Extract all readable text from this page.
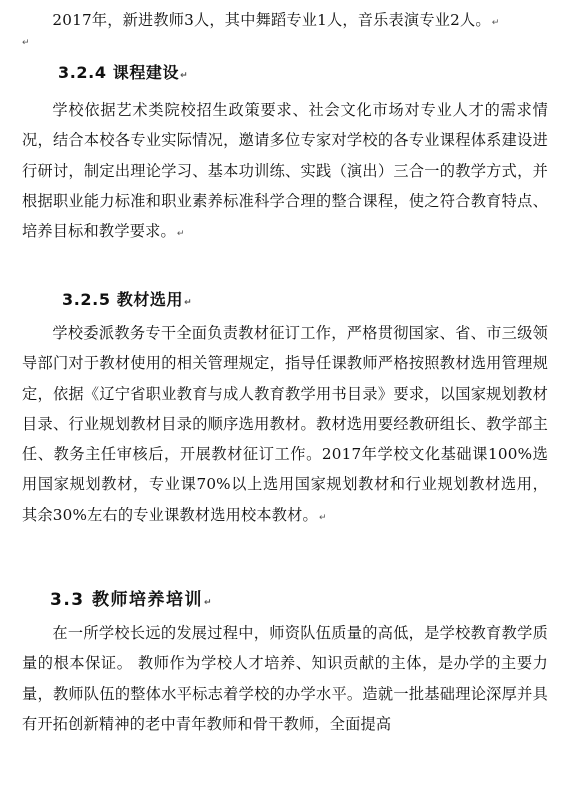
2017年，新进教师3人，其中舞蹈专业1人，音乐表演专业2人。↵
↵
3.2.4 课程建设↵
学校依据艺术类院校招生政策要求、社会文化市场对专业人才的需求情况，结合本校各专业实际情况，邀请多位专家对学校的各专业课程体系建设进行研讨，制定出理论学习、基本功训练、实践（演出）三合一的教学方式，并根据职业能力标准和职业素养标准科学合理的整合课程，使之符合教育特点、培养目标和教学要求。↵
3.2.5 教材选用↵
学校委派教务专干全面负责教材征订工作，严格贯彻国家、省、市三级领导部门对于教材使用的相关管理规定，指导任课教师严格按照教材选用管理规定，依据《辽宁省职业教育与成人教育教学用书目录》要求，以国家规划教材目录、行业规划教材目录的顺序选用教材。教材选用要经教研组长、教学部主任、教务主任审核后，开展教材征订工作。2017年学校文化基础课100%选用国家规划教材，专业课70%以上选用国家规划教材和行业规划教材选用，其余30%左右的专业课教材选用校本教材。↵
3.3 教师培养培训↵
在一所学校长远的发展过程中，师资队伍质量的高低，是学校教育教学质量的根本保证。 教师作为学校人才培养、知识贡献的主体，是办学的主要力量，教师队伍的整体水平标志着学校的办学水平。造就一批基础理论深厚并具有开拓创新精神的老中青年教师和骨干教师，全面提高
